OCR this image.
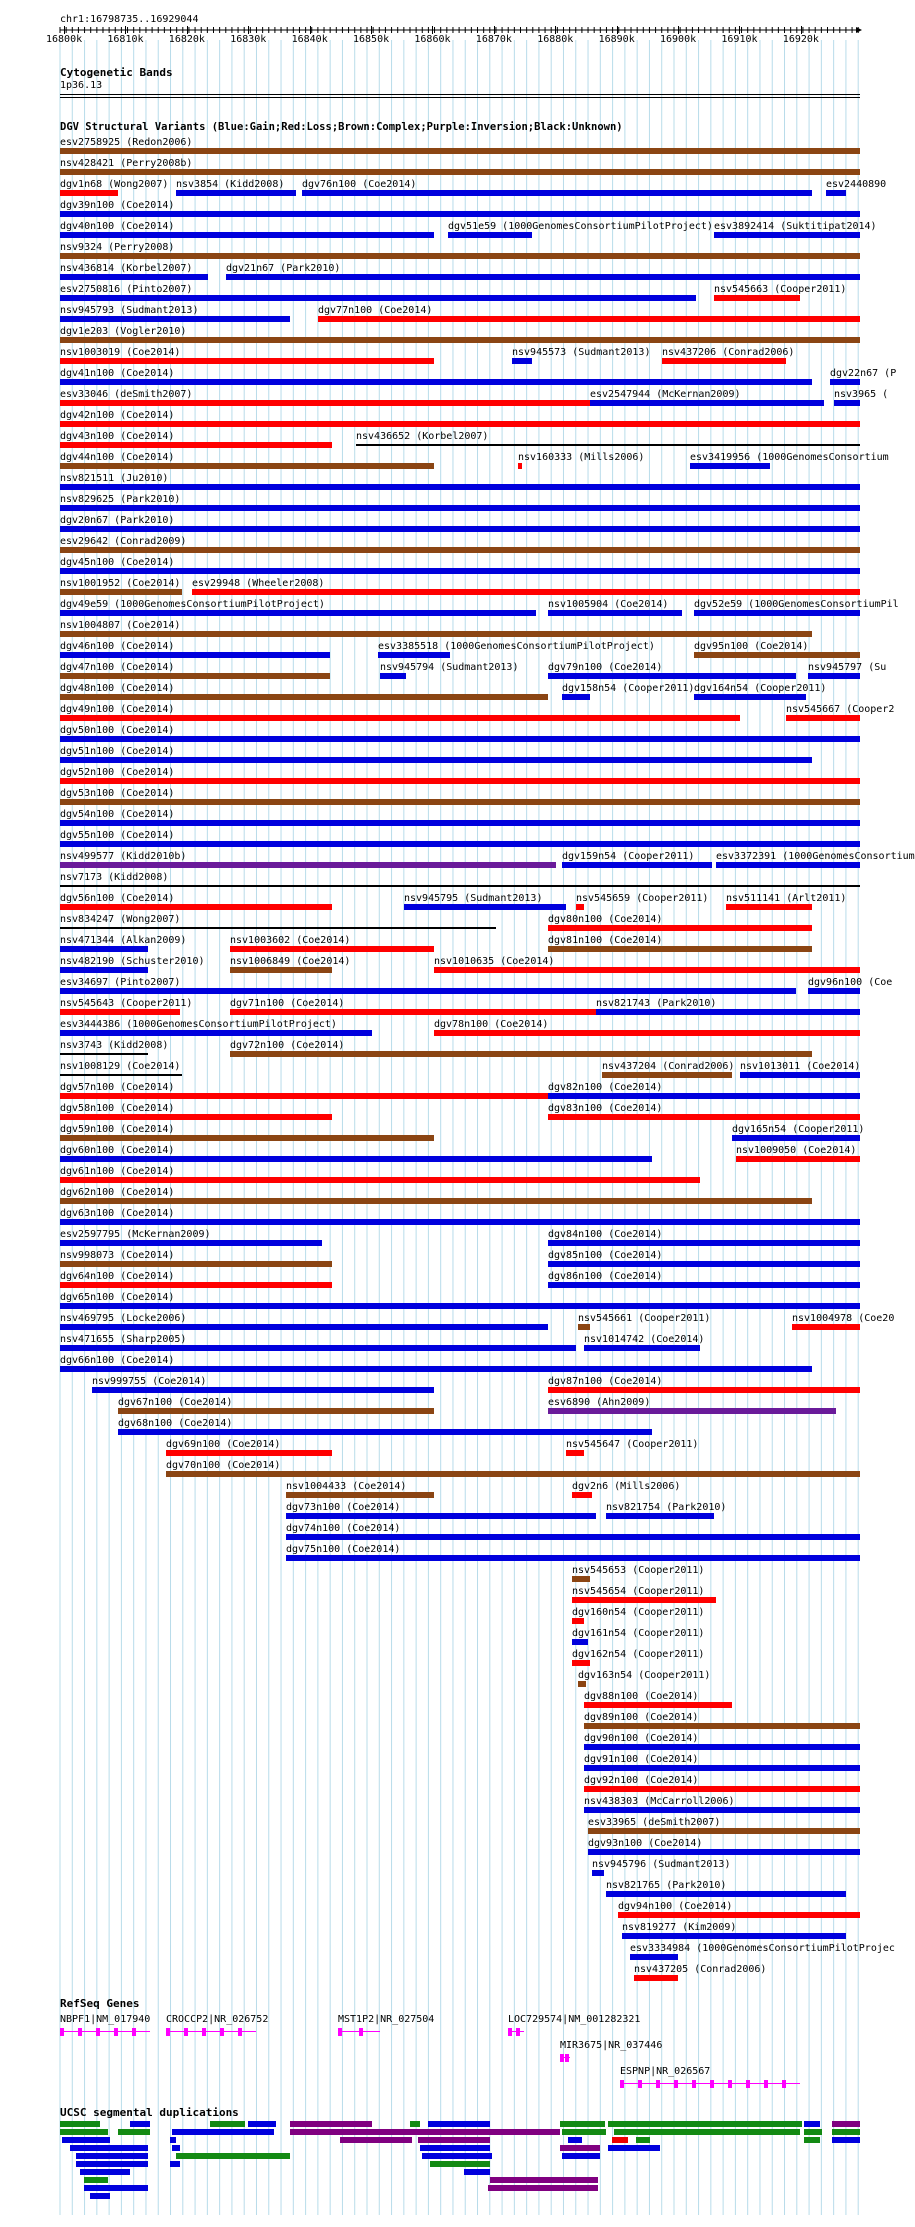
chr1:16798735..16929044
16800k	16810k	16820k	16830k	16840k	16850k	16860k	16870k	16880k	16890k	16900k	16910k	16920k
Cytogenetic Bands
1p36.13
DGV Structural Variants (Blue:Gain;Red:Loss;Brown:Complex;Purple:Inversion;Black:Unknown)
esv2758925 (Redon2006)
nsv428421 (Perry2008b)
dgv1n68 (Wong2007) nsv3854 (Kidd2008) dgv76n100 (Coe2014)	esv2440890
dgv39n100 (Coe2014)
dgv40n100 (Coe2014)	dgv51e59 (1000GenomesConsortiumPilotProject) esv3892414 (Suktitipat2014)
nsv9324 (Perry2008)
nsv436814 (Korbel2007)	dgv21n67 (Park2010)
esv2750816 (Pinto2007)	nsv545663 (Cooper2011)
nsv945793 (Sudmant2013)	dgv77n100 (Coe2014)
dgv1e203 (Vogler2010)
nsv1003019 (Coe2014)	nsv945573 (Sudmant2013) nsv437206 (Conrad2006)
dgv41n100 (Coe2014)	dgv22n67 (P
esv33046 (deSmith2007)	esv2547944 (McKernan2009)	nsv3965 (
dgv42n100 (Coe2014)
dgv43n100 (Coe2014)	nsv436652 (Korbel2007)
dgv44n100 (Coe2014)	nsv160333 (Mills2006)	esv3419956 (1000GenomesConsortium
nsv821511 (Ju2010)
nsv829625 (Park2010)
dgv20n67 (Park2010)
esv29642 (Conrad2009)
dgv45n100 (Coe2014)
nsv1001952 (Coe2014) esv29948 (Wheeler2008)
dgv49e59 (1000GenomesConsortiumPilotProject)	nsv1005904 (Coe2014)	dgv52e59 (1000GenomesConsortiumPil
nsv1004807 (Coe2014)
dgv46n100 (Coe2014)	esv3385518 (1000GenomesConsortiumPilotProject)	dgv95n100 (Coe2014)
dgv47n100 (Coe2014)	nsv945794 (Sudmant2013)	dgv79n100 (Coe2014)	nsv945797 (Su
dgv48n100 (Coe2014)	dgv158n54 (Cooper2011) dgv164n54 (Cooper2011)
dgv49n100 (Coe2014)	nsv545667 (Cooper2
dgv50n100 (Coe2014)
dgv51n100 (Coe2014)
dgv52n100 (Coe2014)
dgv53n100 (Coe2014)
dgv54n100 (Coe2014)
dgv55n100 (Coe2014)
nsv499577 (Kidd2010b)	dgv159n54 (Cooper2011) esv3372391 (1000GenomesConsortium
nsv7173 (Kidd2008)
dgv56n100 (Coe2014)	nsv945795 (Sudmant2013)	nsv545659 (Cooper2011) nsv511141 (Arlt2011)
nsv834247 (Wong2007)	dgv80n100 (Coe2014)
nsv471344 (Alkan2009)	nsv1003602 (Coe2014)	dgv81n100 (Coe2014)
nsv482190 (Schuster2010)	nsv1006849 (Coe2014)	nsv1010635 (Coe2014)
esv34697 (Pinto2007)	dgv96n100 (Coe
nsv545643 (Cooper2011)	dgv71n100 (Coe2014)	nsv821743 (Park2010)
esv3444386 (1000GenomesConsortiumPilotProject)	dgv78n100 (Coe2014)
nsv3743 (Kidd2008)	dgv72n100 (Coe2014)
nsv1008129 (Coe2014)	nsv437204 (Conrad2006) nsv1013011 (Coe2014)
dgv57n100 (Coe2014)	dgv82n100 (Coe2014)
dgv58n100 (Coe2014)	dgv83n100 (Coe2014)
dgv59n100 (Coe2014)	dgv165n54 (Cooper2011)
dgv60n100 (Coe2014)	nsv1009050 (Coe2014)
dgv61n100 (Coe2014)
dgv62n100 (Coe2014)
dgv63n100 (Coe2014)
esv2597795 (McKernan2009)	dgv84n100 (Coe2014)
nsv998073 (Coe2014)	dgv85n100 (Coe2014)
dgv64n100 (Coe2014)	dgv86n100 (Coe2014)
dgv65n100 (Coe2014)
nsv469795 (Locke2006)	nsv545661 (Cooper2011)	nsv1004978 (Coe20
nsv471655 (Sharp2005)	nsv1014742 (Coe2014)
dgv66n100 (Coe2014)
nsv999755 (Coe2014)	dgv87n100 (Coe2014)
dgv67n100 (Coe2014)	esv6890 (Ahn2009)
dgv68n100 (Coe2014)
dgv69n100 (Coe2014)	nsv545647 (Cooper2011)
dgv70n100 (Coe2014)
nsv1004433 (Coe2014)	dgv2n6 (Mills2006)
dgv73n100 (Coe2014)	nsv821754 (Park2010)
dgv74n100 (Coe2014)
dgv75n100 (Coe2014)
nsv545653 (Cooper2011)
nsv545654 (Cooper2011)
dgv160n54 (Cooper2011)
dgv161n54 (Cooper2011)
dgv162n54 (Cooper2011)
dgv163n54 (Cooper2011)
dgv88n100 (Coe2014)
dgv89n100 (Coe2014)
dgv90n100 (Coe2014)
dgv91n100 (Coe2014)
dgv92n100 (Coe2014)
nsv438303 (McCarroll2006)
esv33965 (deSmith2007)
dgv93n100 (Coe2014)
nsv945796 (Sudmant2013)
nsv821765 (Park2010)
dgv94n100 (Coe2014)
nsv819277 (Kim2009)
esv3334984 (1000GenomesConsortiumPilotProjec
nsv437205 (Conrad2006)
RefSeq Genes
NBPF1|NM_017940 CROCCP2|NR_026752	MST1P2|NR_027504	LOC729574|NM_001282321
MIR3675|NR_037446
ESPNP|NR_026567
UCSC segmental duplications
